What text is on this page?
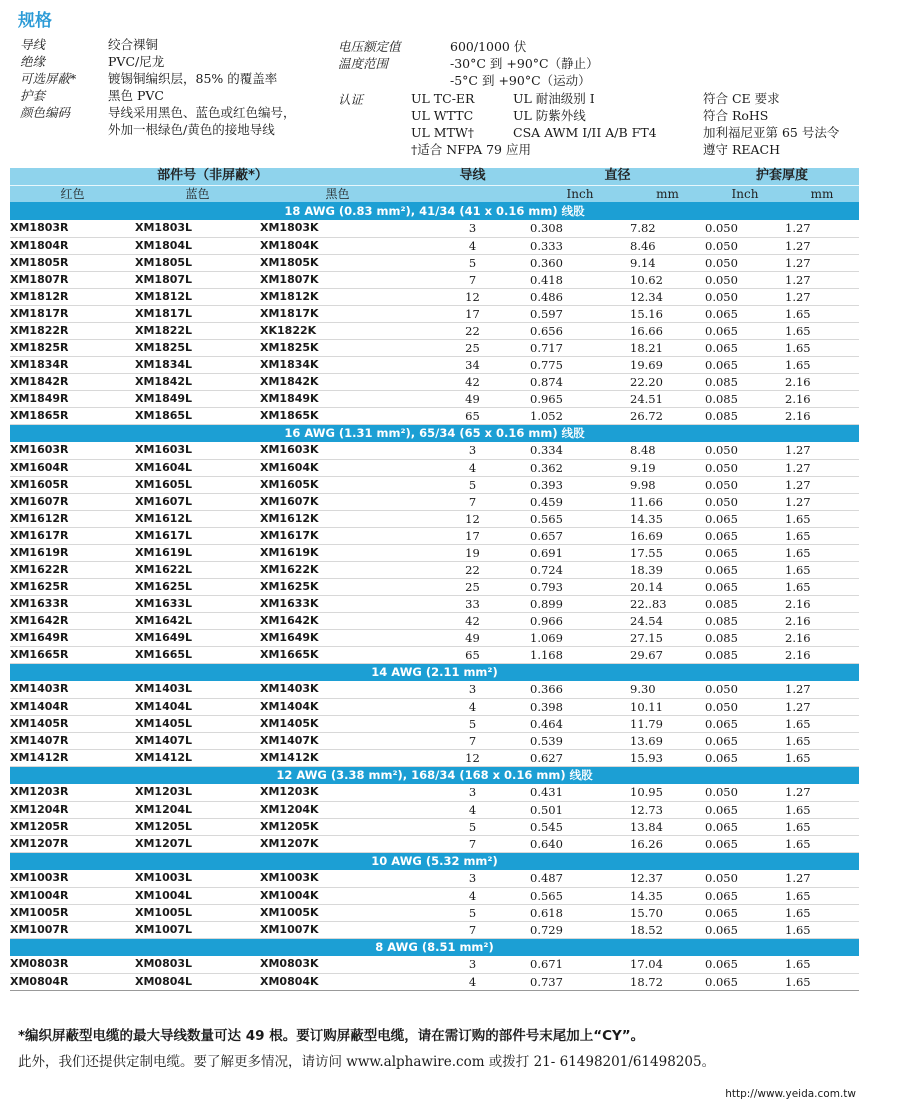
规格
导线	绞合裸铜
绝缘	PVC/尼龙
可选屏蔽*	镀锡铜编织层，85% 的覆盖率
护套	黑色 PVC
颜色编码	导线采用黑色、蓝色或红色编号，
外加一根绿色/黄色的接地导线
电压额定值	600/1000 伏
温度范围	-30°C 到 +90°C（静止）
-5°C 到 +90°C（运动）
认证	UL TC-ER	UL 耐油级别 I	符合 CE 要求
UL WTTC	UL 防紫外线	符合 RoHS
UL MTW†	CSA AWM I/II A/B FT4	加利福尼亚第 65 号法令
†适合 NFPA 79 应用	遵守 REACH
部件号（非屏蔽*）			导线	直径		护套厚度	
红色	蓝色	黑色		Inch	mm	Inch	mm
18 AWG (0.83 mm²), 41/34 (41 x 0.16 mm) 线股							
XM1803R	XM1803L	XM1803K	3	0.308	7.82	0.050	1.27
XM1804R	XM1804L	XM1804K	4	0.333	8.46	0.050	1.27
XM1805R	XM1805L	XM1805K	5	0.360	9.14	0.050	1.27
XM1807R	XM1807L	XM1807K	7	0.418	10.62	0.050	1.27
XM1812R	XM1812L	XM1812K	12	0.486	12.34	0.050	1.27
XM1817R	XM1817L	XM1817K	17	0.597	15.16	0.065	1.65
XM1822R	XM1822L	XK1822K	22	0.656	16.66	0.065	1.65
XM1825R	XM1825L	XM1825K	25	0.717	18.21	0.065	1.65
XM1834R	XM1834L	XM1834K	34	0.775	19.69	0.065	1.65
XM1842R	XM1842L	XM1842K	42	0.874	22.20	0.085	2.16
XM1849R	XM1849L	XM1849K	49	0.965	24.51	0.085	2.16
XM1865R	XM1865L	XM1865K	65	1.052	26.72	0.085	2.16
16 AWG (1.31 mm²), 65/34 (65 x 0.16 mm) 线股							
XM1603R	XM1603L	XM1603K	3	0.334	8.48	0.050	1.27
XM1604R	XM1604L	XM1604K	4	0.362	9.19	0.050	1.27
XM1605R	XM1605L	XM1605K	5	0.393	9.98	0.050	1.27
XM1607R	XM1607L	XM1607K	7	0.459	11.66	0.050	1.27
XM1612R	XM1612L	XM1612K	12	0.565	14.35	0.065	1.65
XM1617R	XM1617L	XM1617K	17	0.657	16.69	0.065	1.65
XM1619R	XM1619L	XM1619K	19	0.691	17.55	0.065	1.65
XM1622R	XM1622L	XM1622K	22	0.724	18.39	0.065	1.65
XM1625R	XM1625L	XM1625K	25	0.793	20.14	0.065	1.65
XM1633R	XM1633L	XM1633K	33	0.899	22..83	0.085	2.16
XM1642R	XM1642L	XM1642K	42	0.966	24.54	0.085	2.16
XM1649R	XM1649L	XM1649K	49	1.069	27.15	0.085	2.16
XM1665R	XM1665L	XM1665K	65	1.168	29.67	0.085	2.16
14 AWG (2.11 mm²)							
XM1403R	XM1403L	XM1403K	3	0.366	9.30	0.050	1.27
XM1404R	XM1404L	XM1404K	4	0.398	10.11	0.050	1.27
XM1405R	XM1405L	XM1405K	5	0.464	11.79	0.065	1.65
XM1407R	XM1407L	XM1407K	7	0.539	13.69	0.065	1.65
XM1412R	XM1412L	XM1412K	12	0.627	15.93	0.065	1.65
12 AWG (3.38 mm²), 168/34 (168 x 0.16 mm) 线股							
XM1203R	XM1203L	XM1203K	3	0.431	10.95	0.050	1.27
XM1204R	XM1204L	XM1204K	4	0.501	12.73	0.065	1.65
XM1205R	XM1205L	XM1205K	5	0.545	13.84	0.065	1.65
XM1207R	XM1207L	XM1207K	7	0.640	16.26	0.065	1.65
10 AWG (5.32 mm²)							
XM1003R	XM1003L	XM1003K	3	0.487	12.37	0.050	1.27
XM1004R	XM1004L	XM1004K	4	0.565	14.35	0.065	1.65
XM1005R	XM1005L	XM1005K	5	0.618	15.70	0.065	1.65
XM1007R	XM1007L	XM1007K	7	0.729	18.52	0.065	1.65
8 AWG (8.51 mm²)							
XM0803R	XM0803L	XM0803K	3	0.671	17.04	0.065	1.65
XM0804R	XM0804L	XM0804K	4	0.737	18.72	0.065	1.65
*编织屏蔽型电缆的最大导线数量可达 49 根。要订购屏蔽型电缆，请在需订购的部件号末尾加上“CY”。
此外，我们还提供定制电缆。要了解更多情况，请访问 www.alphawire.com 或拨打 21- 61498201/61498205。
http://www.yeida.com.tw
